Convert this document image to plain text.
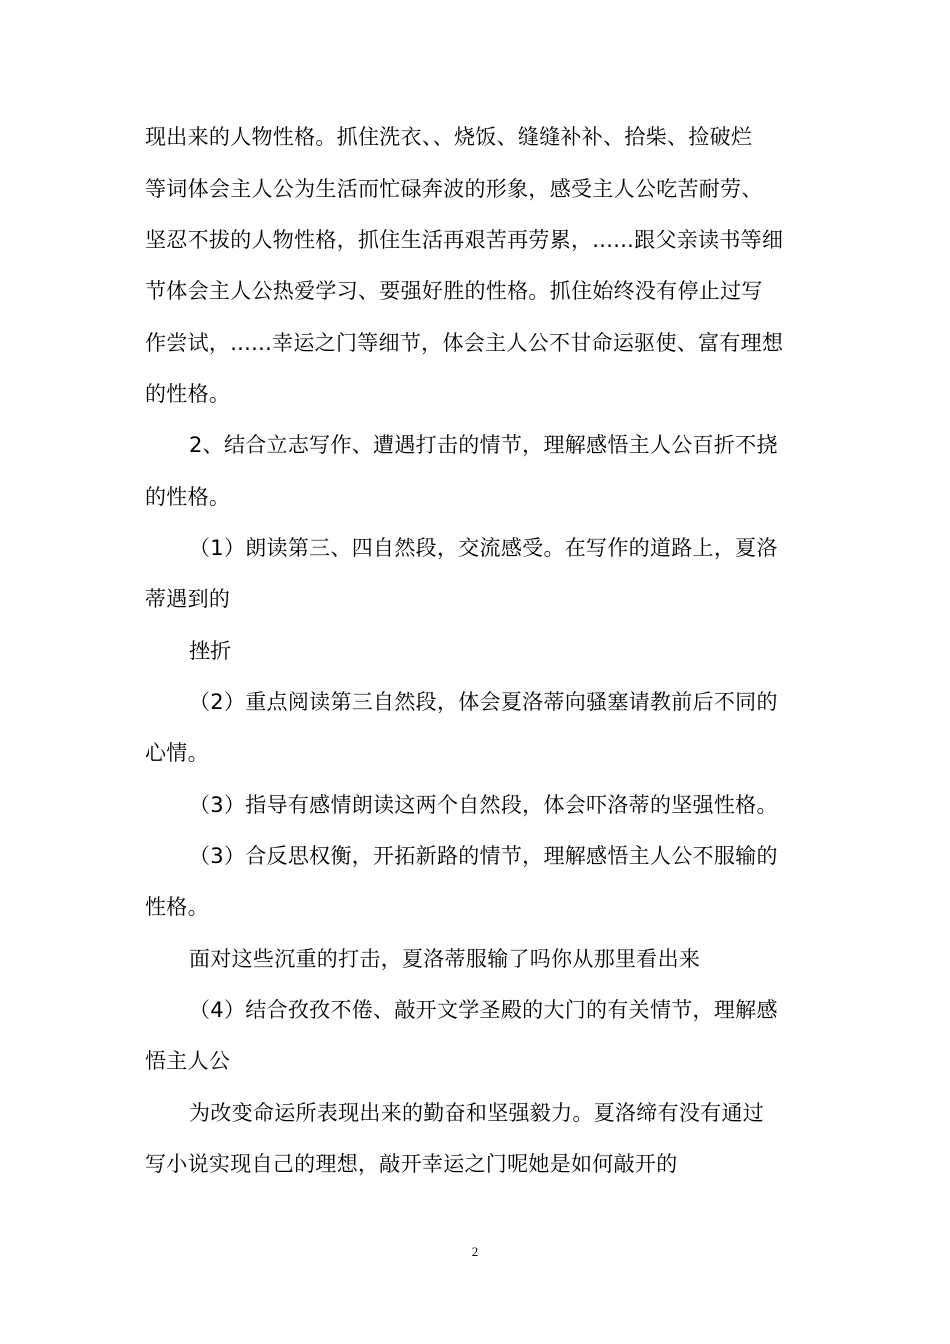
现出来的人物性格。抓住洗衣、、烧饭、缝缝补补、拾柴、捡破烂
等词体会主人公为生活而忙碌奔波的形象，感受主人公吃苦耐劳、
坚忍不拔的人物性格，抓住生活再艰苦再劳累，......跟父亲读书等细
节体会主人公热爱学习、要强好胜的性格。抓住始终没有停止过写
作尝试，......幸运之门等细节，体会主人公不甘命运驱使、富有理想
的性格。
2、结合立志写作、遭遇打击的情节，理解感悟主人公百折不挠
的性格。
（1）朗读第三、四自然段，交流感受。在写作的道路上，夏洛
蒂遇到的
挫折
（2）重点阅读第三自然段，体会夏洛蒂向骚塞请教前后不同的
心情。
（3）指导有感情朗读这两个自然段，体会吓洛蒂的坚强性格。
（3）合反思权衡，开拓新路的情节，理解感悟主人公不服输的
性格。
面对这些沉重的打击，夏洛蒂服输了吗你从那里看出来
（4）结合孜孜不倦、敲开文学圣殿的大门的有关情节，理解感
悟主人公
为改变命运所表现出来的勤奋和坚强毅力。夏洛缔有没有通过
写小说实现自己的理想，敲开幸运之门呢她是如何敲开的
2
